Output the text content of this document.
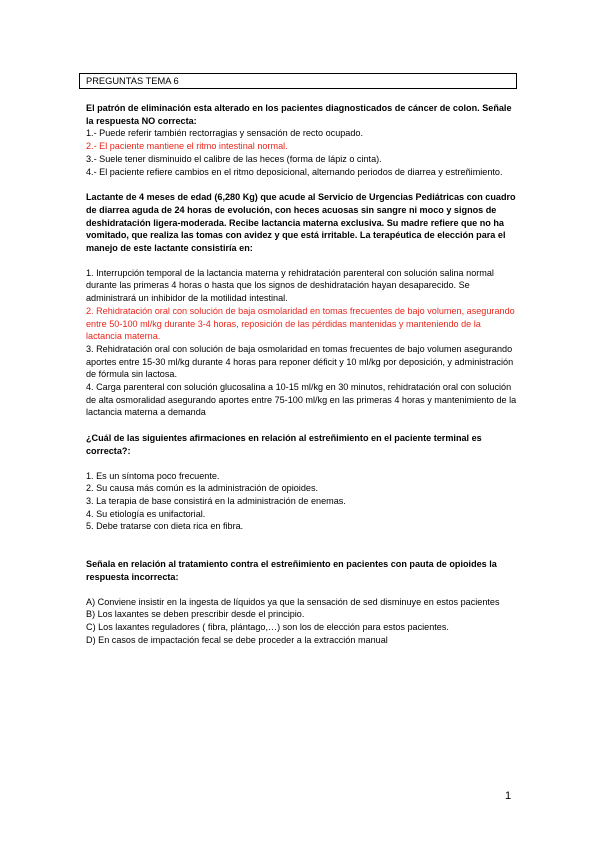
PREGUNTAS TEMA 6

El patrón de eliminación esta alterado en los pacientes diagnosticados de cáncer de colon. Señale la respuesta NO correcta:

1.- Puede referir también rectorragias y sensación de recto ocupado.

2.- El paciente mantiene el ritmo intestinal normal.

3.- Suele tener disminuido el calibre de las heces (forma de lápiz o cinta).

4.- El paciente refiere cambios en el ritmo deposicional, alternando periodos de diarrea y estreñimiento.

Lactante de 4 meses de edad (6,280 Kg) que acude al Servicio de Urgencias Pediátricas con cuadro de diarrea aguda de 24 horas de evolución, con heces acuosas sin sangre ni moco y signos de deshidratación ligera-moderada. Recibe lactancia materna exclusiva. Su madre refiere que no ha vomitado, que realiza las tomas con avidez y que está irritable. La terapéutica de elección para el manejo de este lactante consistiría en:

1. Interrupción temporal de la lactancia materna y rehidratación parenteral con solución salina normal durante las primeras 4 horas o hasta que los signos de deshidratación hayan desaparecido. Se administrará un inhibidor de la motilidad intestinal.

2. Rehidratación oral con solución de baja osmolaridad en tomas frecuentes de bajo volumen, asegurando entre 50-100 ml/kg durante 3-4 horas, reposición de las pérdidas mantenidas y manteniendo de la lactancia materna.

3. Rehidratación oral con solución de baja osmolaridad en tomas frecuentes de bajo volumen asegurando aportes entre 15-30 ml/kg durante 4 horas para reponer déficit y 10 ml/kg por deposición, y administración de fórmula sin lactosa.

4. Carga parenteral con solución glucosalina a 10-15 ml/kg en 30 minutos, rehidratación oral con solución de alta osmoralidad asegurando aportes entre 75-100 ml/kg en las primeras 4 horas y mantenimiento de la lactancia materna a demanda

¿Cuál de las siguientes afirmaciones en relación al estreñimiento en el paciente terminal es correcta?:

1. Es un síntoma poco frecuente.

2. Su causa más común es la administración de opioides.

3. La terapia de base consistirá en la administración de enemas.

4. Su etiología es unifactorial.

5. Debe tratarse con dieta rica en fibra.

Señala en relación al tratamiento contra el estreñimiento en pacientes con pauta de opioides la respuesta incorrecta:

A) Conviene insistir en la ingesta de líquidos ya que la sensación de sed disminuye en estos pacientes

B) Los laxantes se deben prescribir desde el principio.

C) Los laxantes reguladores ( fibra, plántago,…) son los de elección para estos pacientes.

D) En casos de impactación fecal se debe proceder a la extracción manual

1
